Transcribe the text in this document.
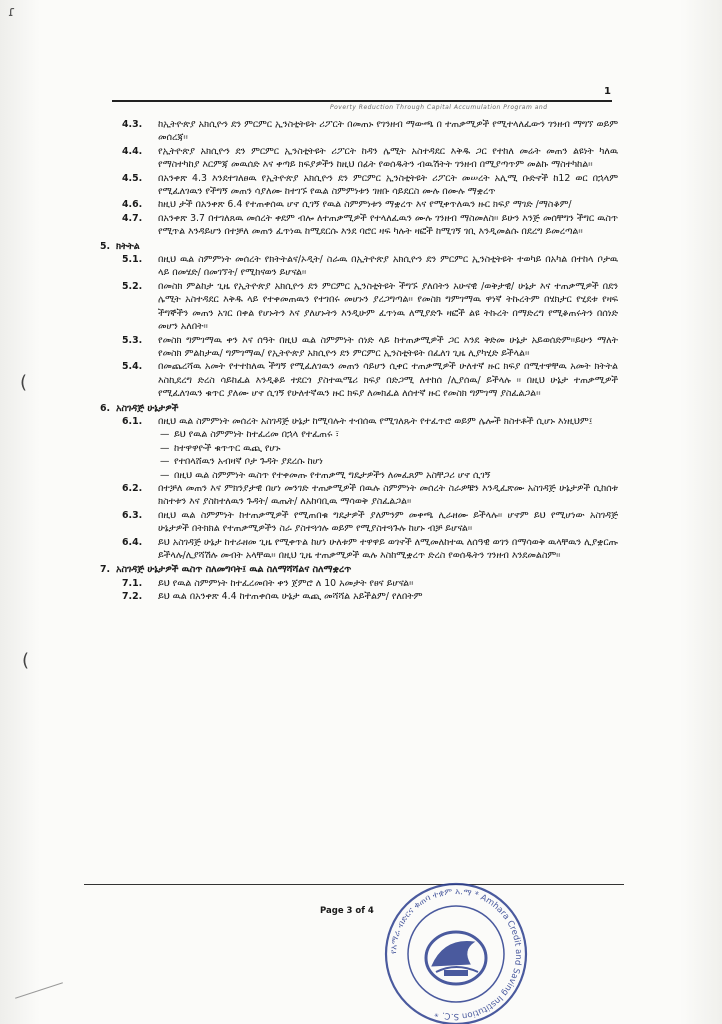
ɾ
1
Poverty Reduction Through Capital Accumulation Program and
(
(
4.3. ከኢትዮጵያ አክሲዮን ደን ምርምር ኢንስቲትዩት ሪፖርት በመጠኑ የገንዘብ ማውጫ በ ተጠቃሚዎች የሚተላለፈውን ገንዘብ ማግኘ ወይም መሰረጃ፡፡
4.4. የኢትዮጵያ አክሲዮን ደን ምርምር ኢንስቲትዩት ሪፖርት ከዳን ሌሚት አስተዳደር እቅዱ ጋር የተከለ መሬት መጠን ልዩነት ካለዉ የማስተካከያ እርምጃ መዉሰድ እና ቀጣይ ክፍያዎችን ከዚህ በፊት የወሰዱትን ብዉሽትት ገንዘብ በሚያጣጥም መልኩ ማስተካከል፡፡
4.5. በአንቀጽ 4.3 እንደተገለፀዉ የኢትዮጵያ አክሲዮን ደን ምርምር ኢንስቲትዩት ሪፖርት መሠረት አሊሚ ቡድኖች ከ12 ወር በኋላም የሚፈለገዉን የችግኝ መጠን ሳያለሙ ከተገኙ የዉል ስምምነቱን ገዘቡ ሳይደርስ ሙሉ በሙሉ ማቋረጥ
4.6. ከዚህ ታች በአንቀጽ 6.4 የተጠቀሰዉ ሆኖ ሲገኝ የዉል ስምምነቱን ማቋረጥ እና የሚቀጥለዉን ዙር ክፍያ ማገድ /ማስቆም/
4.7. በአንቀጽ 3.7 በተገለጸዉ መሰረት ቀደም ብሎ ለተጠቃሚዎች የተላለፈዉን ሙሉ ገንዘብ ማስመለስ፡፡ ይሁን እንጅ መሰቸግን ችግር ዉስጥ የሚጥል እንዳይሆን በተቻለ መጠን ፈጥነዉ ከሚደርሱ እንደ ባሮር ዛፍ ካሉት ዛፎች ከሚገኝ ገቢ እንዲመልሱ በደረግ ይመረጣል፡፡
5. ክትትል
5.1. በዚህ ዉል ስምምነት መሰረት የክትትልና/ኦዲት/ ስራዉ በኢትዮጵያ አክሲዮን ደን ምርምር ኢንስቲትዩት ተወካይ በአካል በተከላ ቦታዉ ላይ በመሄድ/ በመገኘት/ የሚከናወን ይሆናል፡፡
5.2. በመስክ ምልከታ ጊዜ የኢትዮጵያ አክሲዮን ደን ምርምር ኢንስቲትዩት ችግኙ ያለበትን አሁናዊ /ወቅታዊ/ ሁኔታ እና ተጠቃሚዎች በደን ሌሚት አስተዳደር እቅዱ ላይ የተቀመጠዉን የተገበሩ መሆኑን ያረጋግጣል፡፡ የመስክ ግምገማዉ ዋነኛ ትኩረትም በሄክታር የሂደቱ የዛፍ ችግኞችን መጠን አገር በቀል የሆኑትን እና ያለሆኑትን እንዲሁም ፈጥነዉ ለሚያድጉ ዛፎች ልዩ ትኩረት በማድረግ የሚቆጠሩትን በሰነድ መሆን አለበት፡፡
5.3. የመስክ ግምገማዉ ቀን እና ሰዓት በዚህ ዉል ስምምነት ሰነድ ላይ ከተጠቃሚዎች ጋር እንደ ቅድመ ሁኔታ አይወሰድም፡፡ይሁን ማለት የመስክ ምልከታዉ/ ግምገማዉ/ የኢትዮጵያ አክሲዮን ደን ምርምር ኢንስቲትዩት በፈለገ ጊዜ ሊያካሂድ ይችላል፡፡
5.4. በመጨረሻዉ አመት የተተከለዉ ችግኝ የሚፈለገዉን መጠን ሳይሆን ሲቀር ተጠቃሚዎች ሁለተኛ ዙር ክፍያ በሚተዋቸዉ አመት ክትትል እስኪደረግ ድረስ ሳይከፈል እንዲቆይ ተደርጎ ያስተዉሜሪ ክፍያ በድጋሚ ለተከሰ /ሊያሰዉ/ ይችላሉ ፡፡ በዚህ ሁኔታ ተጠቃሚዎች የሚፈለገዉን ቁጥር ያለሙ ሆኖ ሲገኝ የሁለተኛዉን ዙር ክፍያ ለመክፈል ለሰተኛ ዙር የመስክ ግምገማ ያስፈልጋል፡፡
6. አስገዳጅ ሁኔታዎች
6.1. በዚህ ዉል ስምምነት መሰረት አስገዳጅ ሁኔታ ከሚባሉት ተብሰዉ የሚገለጹት የተፈጥሮ ወይም ሌሎች ክስተቶች ሲሆኑ እነዚህም፤
— ይህ የዉል ስምምነት ከተፈረመ በኋላ የተፈጠሩ ፣
— ከተዋዋዮች ቁጥጥር ዉጪ የሆኑ
— የተበላሸዉን አብዛኛ ቦታ ጉዳት ያደረሱ ከሆነ
— በዚህ ዉል ስምምነት ዉስጥ የተቀመጡ የተጠቃሚ ግዴታዎችን ለመፈጸም አስቸጋሪ ሆኖ ሲገኝ
6.2. በተቻለ መጠን እና ምክንያታዊ በሆነ መንገድ ተጠቃሚዎች በዉሉ ስምምነት መሰረት ስራዎቹን እንዲፈጽሙ አስገዳጅ ሁኔታዎች ሲከሰቱ ክስተቱን እና ያስከተለዉን ጉዳት/ ዉጤት/ ለአከባቢዉ ማሳወቅ ያስፈልጋል፡፡
6.3. በዚህ ዉል ስምምነት ከተጠቃሚዎች የሚጠበቁ ግዴታዎች ያለምንም መቀጫ ሊራዘሙ ይችላሉ፡፡ ሆኖም ይህ የሚሆነው አስገዳጅ ሁኔታዎች በትክክል የተጠቃሚዎችን ስራ ያስተጓጎሉ ወይም የሚያስተጓጉሉ ከሆኑ ብቻ ይሆናል፡፡
6.4. ይህ አስገዳጅ ሁኔታ ከተራዘመ ጊዜ የሚቀጥል ከሆነ ሁለቱም ተዋዋይ ወገኖች ለሚመለከተዉ ለሰዓዊ ወገን በማሳወቅ ዉላቸዉን ሊያቋርጡ ይችላሉ/ሊያሻሽሉ መብት አላቸዉ፡፡ በዚህ ጊዜ ተጠቃሚዎች ዉሉ እስከሚቋረጥ ድረስ የወሰዱትን ገንዘብ እንደመልስም፡፡
7. አስገዳጅ ሁኔታዎች ዉስጥ ስለመግባት፤ ዉል ስለማሻሻልና ስለማቋረጥ
7.1. ይህ የዉል ስምምነት ከተፈረመበት ቀን ጀምሮ ለ 10 አመታት የፀና ይሆናል፡፡
7.2. ይህ ዉል በአንቀጽ 4.4 ከተጠቀሰዉ ሁኔታ ዉጪ መሻሻል አይችልም/ የለበትም
Page 3 of 4
የአማራ ብድርና ቁጠባ ተቋም አ.ማ * Amhara Credit and Saving Institution S.C. *
